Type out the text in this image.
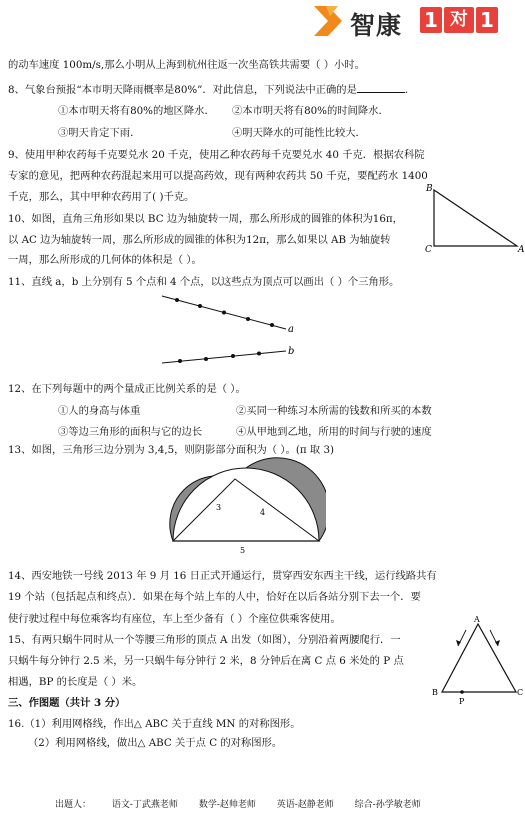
智康 1 对 1
的动车速度 100m/s,那么小明从上海到杭州往返一次坐高铁共需要（ ）小时。
8、气象台预报“本市明天降雨概率是80%”．对此信息，下列说法中正确的是	.
①本市明天将有80%的地区降水． ②本市明天将有80%的时间降水．
③明天肯定下雨．	④明天降水的可能性比较大．
9、使用甲种农药每千克要兑水 20 千克，使用乙种农药每千克要兑水 40 千克．根据农科院
专家的意见，把两种农药混起来用可以提高药效，现有两种农药共 50 千克，要配药水 1400
千克，那么，其中甲种农药用了( )千克。
10、如图，直角三角形如果以 BC 边为轴旋转一周，那么所形成的圆锥的体积为16π，
以 AC 边为轴旋转一周，那么所形成的圆锥的体积为12π，那么如果以 AB 为轴旋转
一周，那么所形成的几何体的体积是（ ）。
11、直线 a，b 上分别有 5 个点和 4 个点，以这些点为顶点可以画出（ ）个三角形。
12、在下列每题中的两个量成正比例关系的是（ ）。
①人的身高与体重	②买同一种练习本所需的钱数和所买的本数
③等边三角形的面积与它的边长	④从甲地到乙地，所用的时间与行驶的速度
13、如图，三角形三边分别为 3,4,5，则阴影部分面积为（ ）。(π 取 3)
14、西安地铁一号线 2013 年 9 月 16 日正式开通运行，贯穿西安东西主干线，运行线路共有
19 个站（包括起点和终点）．如果在每个站上车的人中，恰好在以后各站分别下去一个．要
使行驶过程中每位乘客均有座位，车上至少备有（ ）个座位供乘客使用。
15、有两只蜗牛同时从一个等腰三角形的顶点 A 出发（如图），分别沿着两腰爬行．一
只蜗牛每分钟行 2.5 米，另一只蜗牛每分钟行 2 米，8 分钟后在离 C 点 6 米处的 P 点
相遇，BP 的长度是（ ）米。
三、作图题（共计 3 分）
16.（1）利用网格线，作出△ ABC 关于直线 MN 的对称图形。
（2）利用网格线，做出△ ABC 关于点 C 的对称图形。
B
C	A
a
b
3
4
5
A
B
P
C
出题人： 语文-丁武燕老师 数学-赵帅老师 英语-赵静老师 综合-孙学敏老师
